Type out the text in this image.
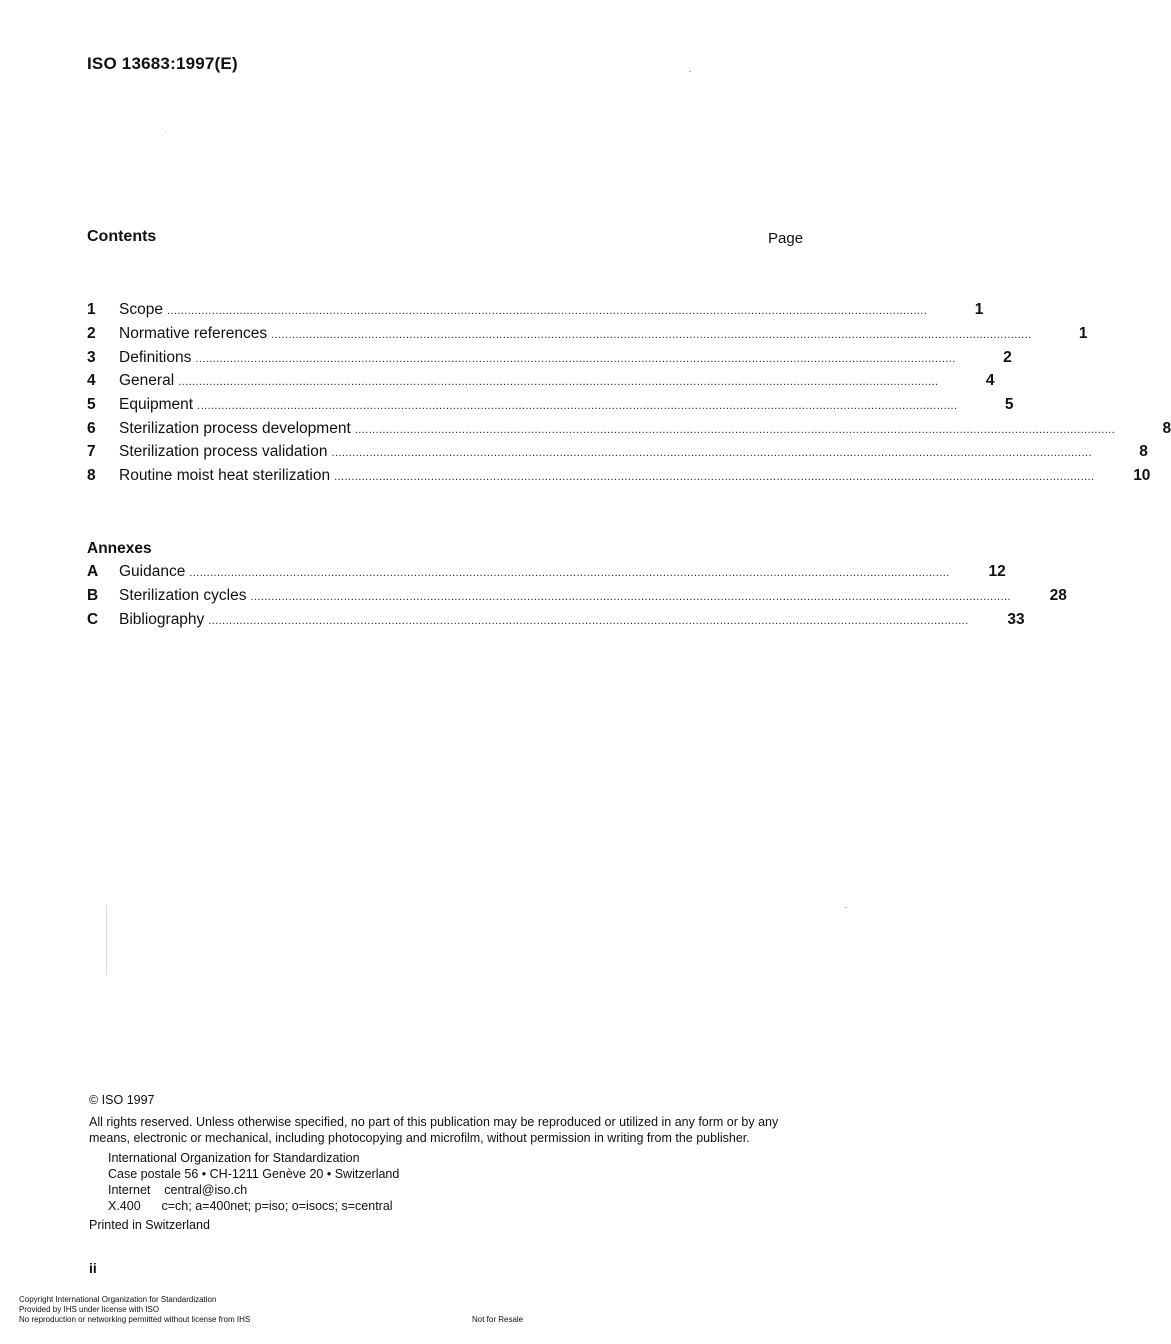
ISO 13683:1997(E)
Contents	Page
1	Scope ............................................................................................................................................................................................................................	1
2	Normative references ............................................................................................................................................................................................................................	1
3	Definitions ............................................................................................................................................................................................................................	2
4	General ............................................................................................................................................................................................................................	4
5	Equipment ............................................................................................................................................................................................................................	5
6	Sterilization process development ............................................................................................................................................................................................................................	8
7	Sterilization process validation ............................................................................................................................................................................................................................	8
8	Routine moist heat sterilization ............................................................................................................................................................................................................................	10
Annexes
A	Guidance ............................................................................................................................................................................................................................	12
B	Sterilization cycles ............................................................................................................................................................................................................................	28
C	Bibliography ............................................................................................................................................................................................................................	33
© ISO 1997
All rights reserved. Unless otherwise specified, no part of this publication may be reproduced or utilized in any form or by any
means, electronic or mechanical, including photocopying and microfilm, without permission in writing from the publisher.
International Organization for Standardization
Case postale 56 • CH-1211 Genève 20 • Switzerland
Internet    central@iso.ch
X.400      c=ch; a=400net; p=iso; o=isocs; s=central
Printed in Switzerland
ii
Copyright International Organization for Standardization
Provided by IHS under license with ISO
No reproduction or networking permitted without license from IHS	Not for Resale
